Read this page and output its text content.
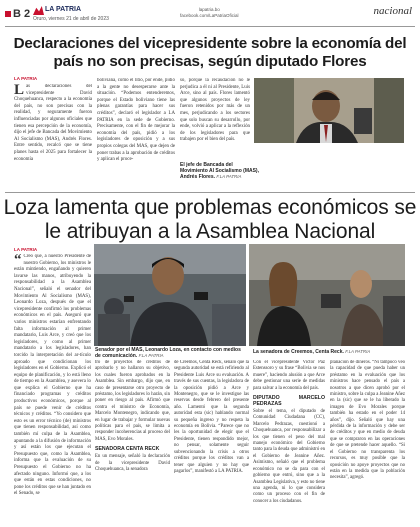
B 2 LA PATRIA
Oruro, viernes 21 de abril de 2023
lapatria.bo
facebook.com/LaPatriaOficial	nacional
Declaraciones del vicepresidente sobre la economía del país no son precisas, según diputado Flores
LA PATRIA
Las declaraciones del vicepresidente David Choquehuanca, respecto a la economía del país, no son precisas con la realidad, y seguramente fueron influenciadas por algunos oficiales que tienen esa percepción de la economía, dijo el jefe de Bancada del Movimiento Al Socialismo (MAS), Andrés Flores. Entre sentido, recalcó que se tiene planes hasta el 2025 para fortalecer la economía
boliviana, como el litio, por ende, pidió a la gente no desesperarse ante la situación. “Podemos entenderemos, porque el Estado boliviano tiene las plenas garantías para hacer sus créditos”, declaró el legislador a LA PATRIA en la sede de Gobierno. Precisamente, con el fin de mejorar la economía del país, pidió a los legisladores de oposición y a sus propios colegas del MAS, que dejen de poner trabas a la aprobación de créditos y aplican el proce-
so, porque la recaudación no le perjudica a él ni al Presidente, Luis Arce, sino al país. Flores lamentó que algunos proyectos de ley fueron retenidos por más de un mes, perjudicando a los sectores que solo buscan su desarrollo, por ende, volvió a aplicar a la reflexión de los legisladores para que trabajen por el bien del país.
El jefe de Bancada del Movimiento Al Socialismo (MAS), Andrés Flores. F.LA PATRIA
Loza lamenta que problemas económicos se le atribuyan a la Asamblea Nacional
LA PATRIA
“ Creo que, a nuestro Presidente de nuestro Gobierno, los ministros le están mintiendo, engañando y quieren lavarse las manos, atribuyendo la responsabilidad a la Asamblea Nacional”, señaló el senador del Movimiento Al Socialismo (MAS), Leonardo Loza, después de que el vicepresidente confirmó los problemas económicos en el país. Aseguró que varios ministros estarían enfrentando falta información al primer mandatario, Luis Arce, y creó que los legisladores, y como al primer mandatario a los legisladores, han torcido la interpretación del ar-tículo aproado que condicionan los legisladores en el Gobierno. Explicó el equipo de planificación, y lo está lleno de tiempo en la Asamblea, y asevera lo que explica el Gobierno que ha financiado programas y créditos productivos económicos, porque al país se puede venir de créditos técnicos y créditos. “Yo considero que esto es un error técnico (de) ministros que tienen responsabilidad, así como también mí culpa de la Asamblea, apuntando a la difusión de información y así están los que ejecutan el Presupuesto que, como la Asamblea, informa que la evaluación de su Presupuesto el Gobierno no ha afectado ninguno. Informó que, a los que están en estas condiciones, no pone los créditos que se han juntado en el Senado, se
Senador por el MAS, Leonardo Loza, en contacto con medios de comunicación. F.LA PATRIA
La senadora de Creemos, Centa Reck. F.LA PATRIA
tro de proyectos de créditos de aprobarlo y no hallaron su objetivo, los cuales fueron aprobados en la Asamblea. Sin embargo, dijo que, en caso de presentarse otro proyecto de préstamo, los legisladores lo harán, sin poner en riesgo al país. Afirmó que contra el ministro de Economía, Marcelo Montenegro, indicando que, en lugar de trabajar y formular nuevas políticas para el país, se limita a responder incoherencias al proceso del MAS, Evo Morales.
SENADORA CENTA RECK
En un mensaje, señaló la declaración de la vicepresidente David Choquehuanca, la senadora
de Creemos, Centa Reck, señaló que la segunda autoridad se está refiriendo al Presidente Luis Arce su evaluación. A través de sus cuentas, la legisladora de la oposición pidió a Arce y Montenegro, que se le investigue las reservas desde febrero del presente año. Lamentó que la segunda autoridad esta (sic) hablando normal su pequeña ingreso y no respeta la economía en Bolivia. “Parece que no les la oportunidad de elegir que el Presidente, tienen respondido mejor, no pensar, solamente seguir subvencionando la crisis a otros créditos porque los créditos van a tener que alguien y no hay que pagarlos”, manifestó a LA PATRIA.
Con el vicepresidente Victor Paz Estenssoro y su frase “Bolivia se nos muere”, haciendo alusión a que Arce debe gestionar una serie de medidas para salvar a la economía del país.
DIPUTADO MARCELO PEDRAZAS
Sobre el tema, el diputado de Comunidad Ciudadana (CC), Marcelo Pedrazas, cuestionó a Choquehuanca, por responsabilizar a los que tienen el peso del mal manejo económico del Gobierno tanto para la deuda que administró en el Gobierno de Jeanine Añez. Asimismo, señaló que el problema económico no se da para con el gobierno que entró, sino que a la Asamblea Legislativa, y esto no tiene una agenda, ni lo que considera como un proceso con el fin de conocer a los ciudadanos.
planación de dineros. “Ni tampoco veo la capacidad de que pueda haber un préstamo en la evaluación que los ministros hace pensado el país a nosotros a que dicen aprobó por el ministro, sobre la culpa a Jeanine Añez en la (sic) que se le ha liberado la imagen de Evo Morales porque también ha estado en el poder 14 años”, dijo. Señaló que hay una pérdida de la información y debe ser de créditos y que en medio de deuda que se compraron en las operaciones de que se pretende hacer aquello. “Si el Gobierno no transparenta los recursos, es muy posible que la oposición no apoye proyectos que no están en la medida que la población necesita”, agregó.
